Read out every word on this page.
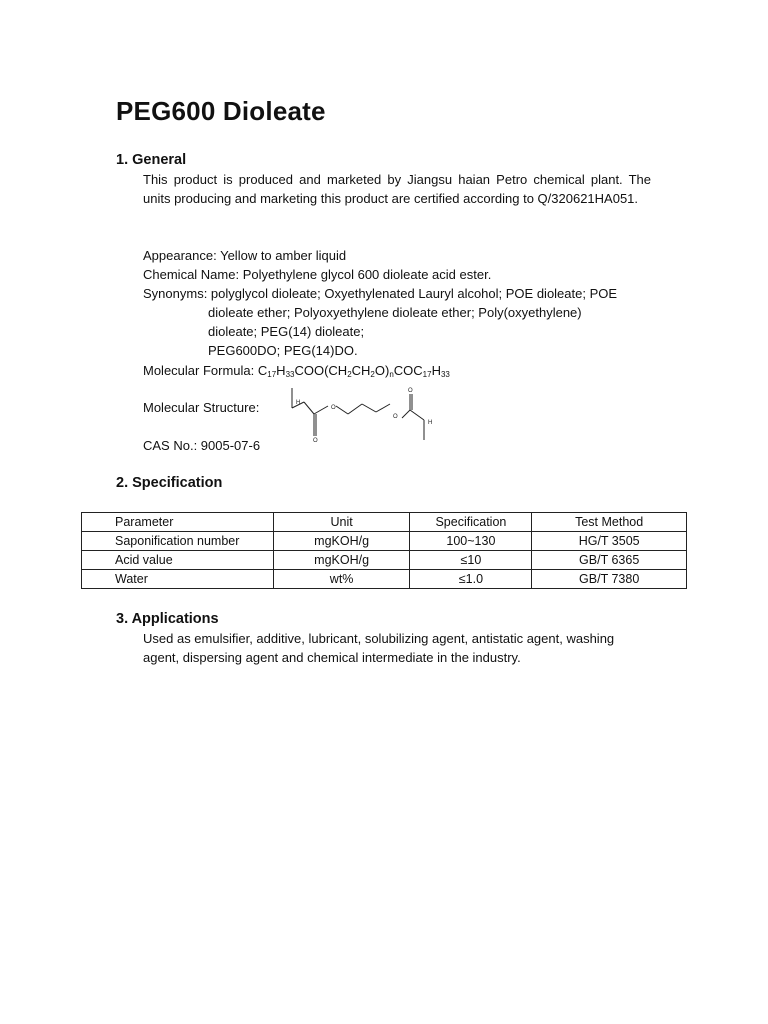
PEG600 Dioleate
1. General
This product is produced and marketed by Jiangsu haian Petro chemical plant. The units producing and marketing this product are certified according to Q/320621HA051.
Appearance: Yellow to amber liquid
Chemical Name: Polyethylene glycol 600 dioleate acid ester.
Synonyms: polyglycol dioleate; Oxyethylenated Lauryl alcohol; POE dioleate; POE
dioleate ether; Polyoxyethylene dioleate ether; Poly(oxyethylene)
dioleate; PEG(14) dioleate;
PEG600DO; PEG(14)DO.
Molecular Formula: $C_{17}H_{33}COO(CH_2CH_2O)_nCOC_{17}H_{33}$
Molecular Structure:	H
O
O
O
H
O
CAS No.: 9005-07-6
2. Specification
Parameter	Unit	Specification	Test Method
Saponification number	mgKOH/g	100~130	HG/T 3505
Acid value	mgKOH/g	≤10	GB/T 6365
Water	wt%	≤1.0	GB/T 7380
3. Applications
Used as emulsifier, additive, lubricant, solubilizing agent, antistatic agent, washing
agent, dispersing agent and chemical intermediate in the industry.
